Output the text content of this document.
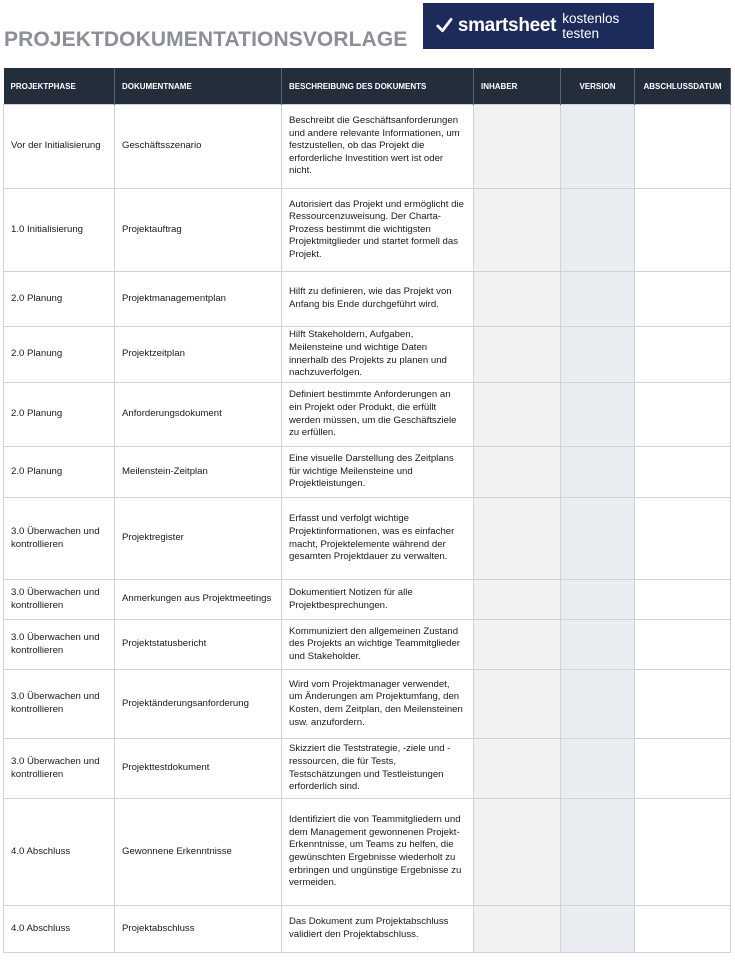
PROJEKTDOKUMENTATIONSVORLAGE
smartsheet kostenlos testen
PROJEKTPHASE	DOKUMENTNAME	BESCHREIBUNG DES DOKUMENTS	INHABER	VERSION	ABSCHLUSSDATUM
Vor der Initialisierung	Geschäftsszenario	Beschreibt die Geschäftsanforderungen und andere relevante Informationen, um festzustellen, ob das Projekt die erforderliche Investition wert ist oder nicht.			
1.0 Initialisierung	Projektauftrag	Autorisiert das Projekt und ermöglicht die Ressourcenzuweisung. Der Charta-Prozess bestimmt die wichtigsten Projektmitglieder und startet formell das Projekt.			
2.0 Planung	Projektmanagementplan	Hilft zu definieren, wie das Projekt von Anfang bis Ende durchgeführt wird.			
2.0 Planung	Projektzeitplan	Hilft Stakeholdern, Aufgaben, Meilensteine und wichtige Daten innerhalb des Projekts zu planen und nachzuverfolgen.			
2.0 Planung	Anforderungsdokument	Definiert bestimmte Anforderungen an ein Projekt oder Produkt, die erfüllt werden müssen, um die Geschäftsziele zu erfüllen.			
2.0 Planung	Meilenstein-Zeitplan	Eine visuelle Darstellung des Zeitplans für wichtige Meilensteine und Projektleistungen.			
3.0 Überwachen und kontrollieren	Projektregister	Erfasst und verfolgt wichtige Projektinformationen, was es einfacher macht, Projektelemente während der gesamten Projektdauer zu verwalten.			
3.0 Überwachen und kontrollieren	Anmerkungen aus Projektmeetings	Dokumentiert Notizen für alle Projektbesprechungen.			
3.0 Überwachen und kontrollieren	Projektstatusbericht	Kommuniziert den allgemeinen Zustand des Projekts an wichtige Teammitglieder und Stakeholder.			
3.0 Überwachen und kontrollieren	Projektänderungsanforderung	Wird vom Projektmanager verwendet, um Änderungen am Projektumfang, den Kosten, dem Zeitplan, den Meilensteinen usw. anzufordern.			
3.0 Überwachen und kontrollieren	Projekttestdokument	Skizziert die Teststrategie, -ziele und -ressourcen, die für Tests, Testschätzungen und Testleistungen erforderlich sind.			
4.0 Abschluss	Gewonnene Erkenntnisse	Identifiziert die von Teammitgliedern und dem Management gewonnenen Projekt-Erkenntnisse, um Teams zu helfen, die gewünschten Ergebnisse wiederholt zu erbringen und ungünstige Ergebnisse zu vermeiden.			
4.0 Abschluss	Projektabschluss	Das Dokument zum Projektabschluss validiert den Projektabschluss.			
